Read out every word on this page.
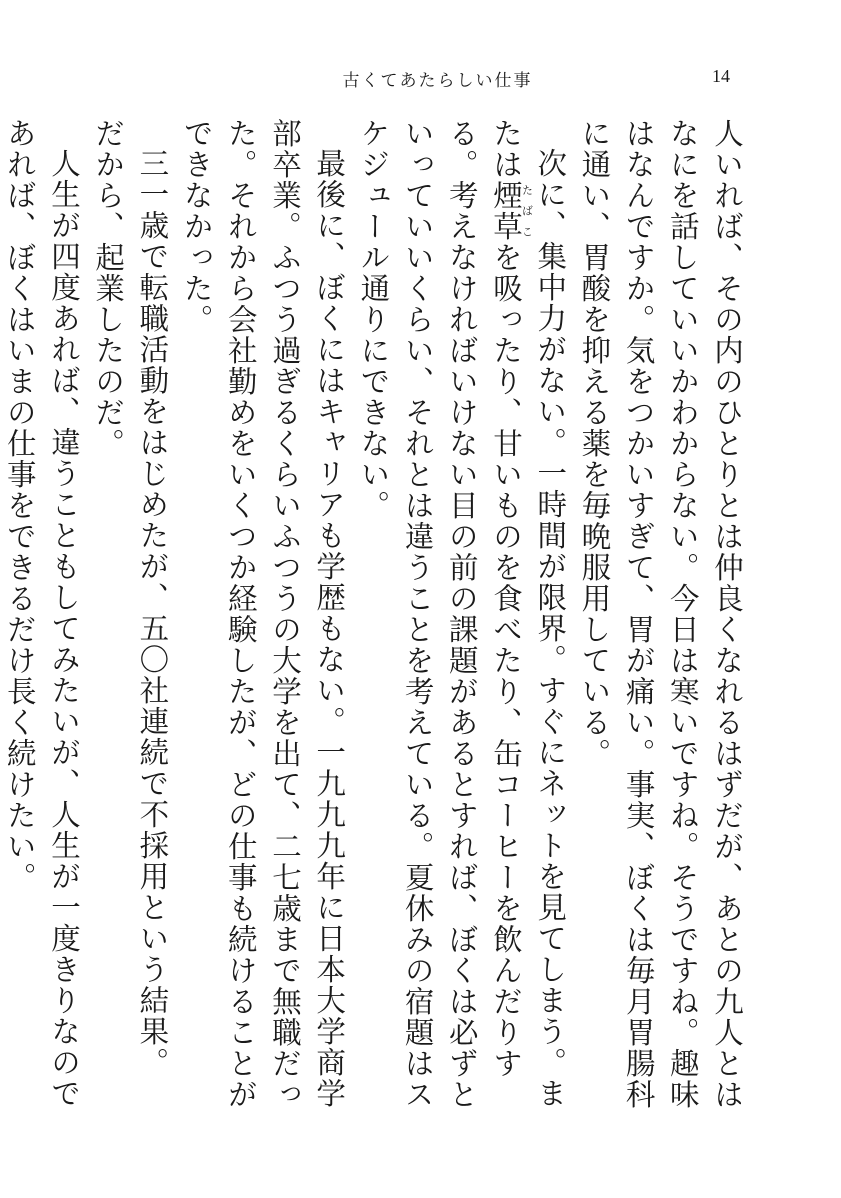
古くてあたらしい仕事	14

人いれば、その内のひとりとは仲良くなれるはずだが、あとの九人とはなにを話していいかわからない。今日は寒いですね。そうですね。趣味はなんですか。気をつかいすぎて、胃が痛い。事実、ぼくは毎月胃腸科に通い、胃酸を抑える薬を毎晩服用している。

次に、集中力がない。一時間が限界。すぐにネットを見てしまう。または煙草たばこを吸ったり、甘いものを食べたり、缶コーヒーを飲んだりする。考えなければいけない目の前の課題があるとすれば、ぼくは必ずといっていいくらい、それとは違うことを考えている。夏休みの宿題はスケジュール通りにできない。

最後に、ぼくにはキャリアも学歴もない。一九九九年に日本大学商学部卒業。ふつう過ぎるくらいふつうの大学を出て、二七歳まで無職だった。それから会社勤めをいくつか経験したが、どの仕事も続けることができなかった。

三一歳で転職活動をはじめたが、五〇社連続で不採用という結果。

だから、起業したのだ。

人生が四度あれば、違うこともしてみたいが、人生が一度きりなのであれば、ぼくはいまの仕事をできるだけ長く続けたい。
